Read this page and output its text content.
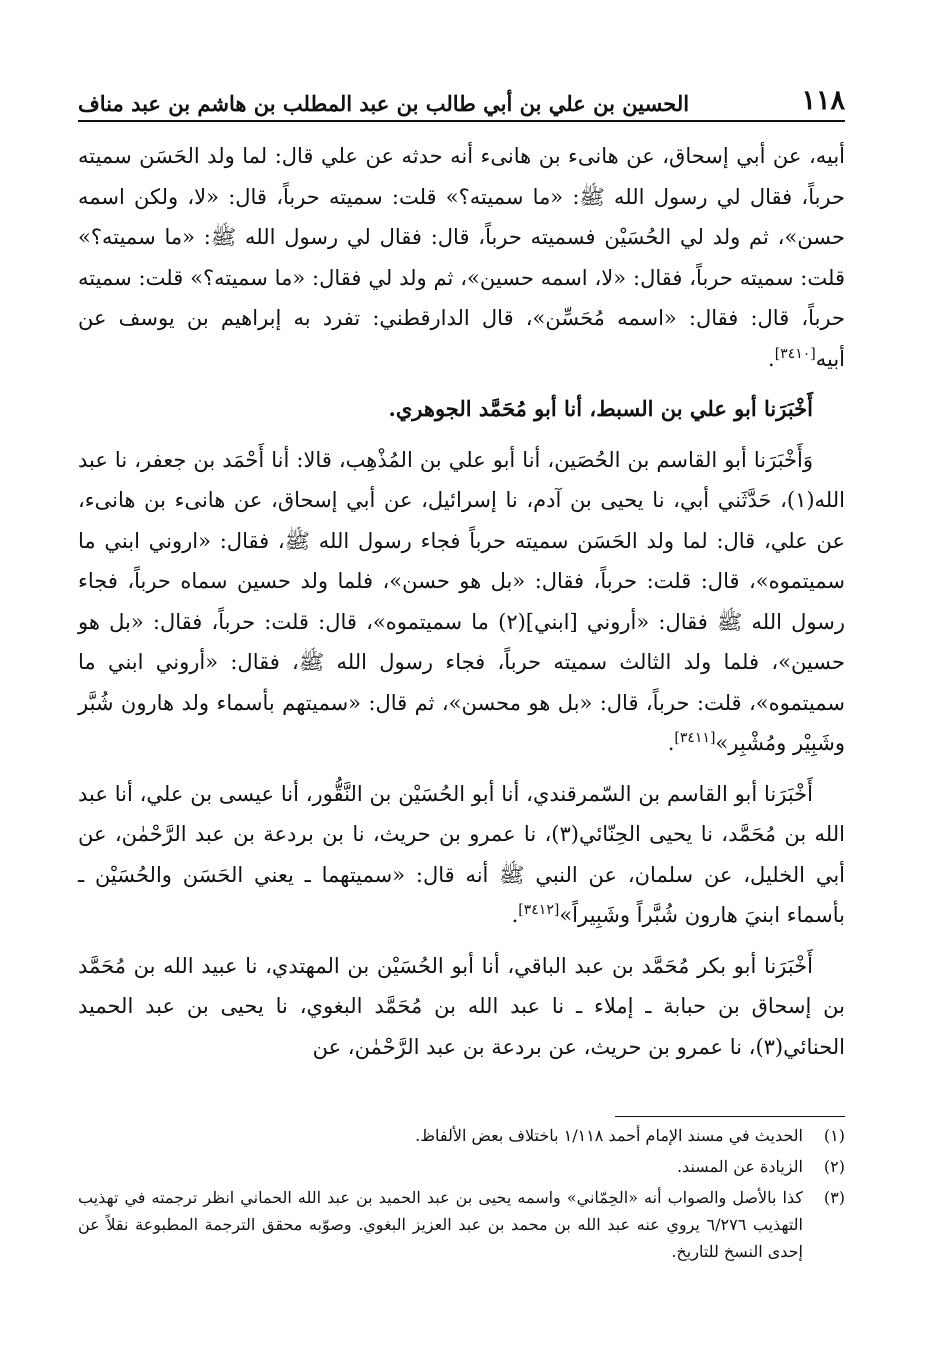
١١٨
الحسين بن علي بن أبي طالب بن عبد المطلب بن هاشم بن عبد مناف

أبيه، عن أبي إسحاق، عن هانىء بن هانىء أنه حدثه عن علي قال: لما ولد الحَسَن سميته حرباً، فقال لي رسول الله ﷺ: «ما سميته؟» قلت: سميته حرباً، قال: «لا، ولكن اسمه حسن»، ثم ولد لي الحُسَيْن فسميته حرباً، قال: فقال لي رسول الله ﷺ: «ما سميته؟» قلت: سميته حرباً، فقال: «لا، اسمه حسين»، ثم ولد لي فقال: «ما سميته؟» قلت: سميته حرباً، قال: فقال: «اسمه مُحَسِّن»، قال الدارقطني: تفرد به إبراهيم بن يوسف عن أبيه[٣٤١٠].

أَخْبَرَنا أبو علي بن السبط، أنا أبو مُحَمَّد الجوهري.

وَأَخْبَرَنا أبو القاسم بن الحُصَين، أنا أبو علي بن المُذْهِب، قالا: أنا أَحْمَد بن جعفر، نا عبد الله(١)، حَدَّثَني أبي، نا يحيى بن آدم، نا إسرائيل، عن أبي إسحاق، عن هانىء بن هانىء، عن علي، قال: لما ولد الحَسَن سميته حرباً فجاء رسول الله ﷺ، فقال: «اروني ابني ما سميتموه»، قال: قلت: حرباً، فقال: «بل هو حسن»، فلما ولد حسين سماه حرباً، فجاء رسول الله ﷺ فقال: «أروني [ابني](٢) ما سميتموه»، قال: قلت: حرباً، فقال: «بل هو حسين»، فلما ولد الثالث سميته حرباً، فجاء رسول الله ﷺ، فقال: «أروني ابني ما سميتموه»، قلت: حرباً، قال: «بل هو محسن»، ثم قال: «سميتهم بأسماء ولد هارون شُبَّر وشَبِيْر ومُشْبِر»[٣٤١١].

أَخْبَرَنا أبو القاسم بن السّمرقندي، أنا أبو الحُسَيْن بن النَّقُّور، أنا عيسى بن علي، أنا عبد الله بن مُحَمَّد، نا يحيى الحِنّائي(٣)، نا عمرو بن حريث، نا بن بردعة بن عبد الرَّحْمٰن، عن أبي الخليل، عن سلمان، عن النبي ﷺ أنه قال: «سميتهما ـ يعني الحَسَن والحُسَيْن ـ بأسماء ابنيَ هارون شُبَّراً وشَبِيراً»[٣٤١٢].

أَخْبَرَنا أبو بكر مُحَمَّد بن عبد الباقي، أنا أبو الحُسَيْن بن المهتدي، نا عبيد الله بن مُحَمَّد بن إسحاق بن حبابة ـ إملاء ـ نا عبد الله بن مُحَمَّد البغوي، نا يحيى بن عبد الحميد الحنائي(٣)، نا عمرو بن حريث، عن بردعة بن عبد الرَّحْمٰن، عن

(١)
الحديث في مسند الإمام أحمد ١/١١٨ باختلاف بعض الألفاظ.
(٢)
الزيادة عن المسند.
(٣)
كذا بالأصل والصواب أنه «الحِمّاني» واسمه يحيى بن عبد الحميد بن عبد الله الحماني انظر ترجمته في تهذيب التهذيب ٦/٢٧٦ يروي عنه عبد الله بن محمد بن عبد العزيز البغوي. وصوّبه محقق الترجمة المطبوعة نقلاً عن إحدى النسخ للتاريخ.
